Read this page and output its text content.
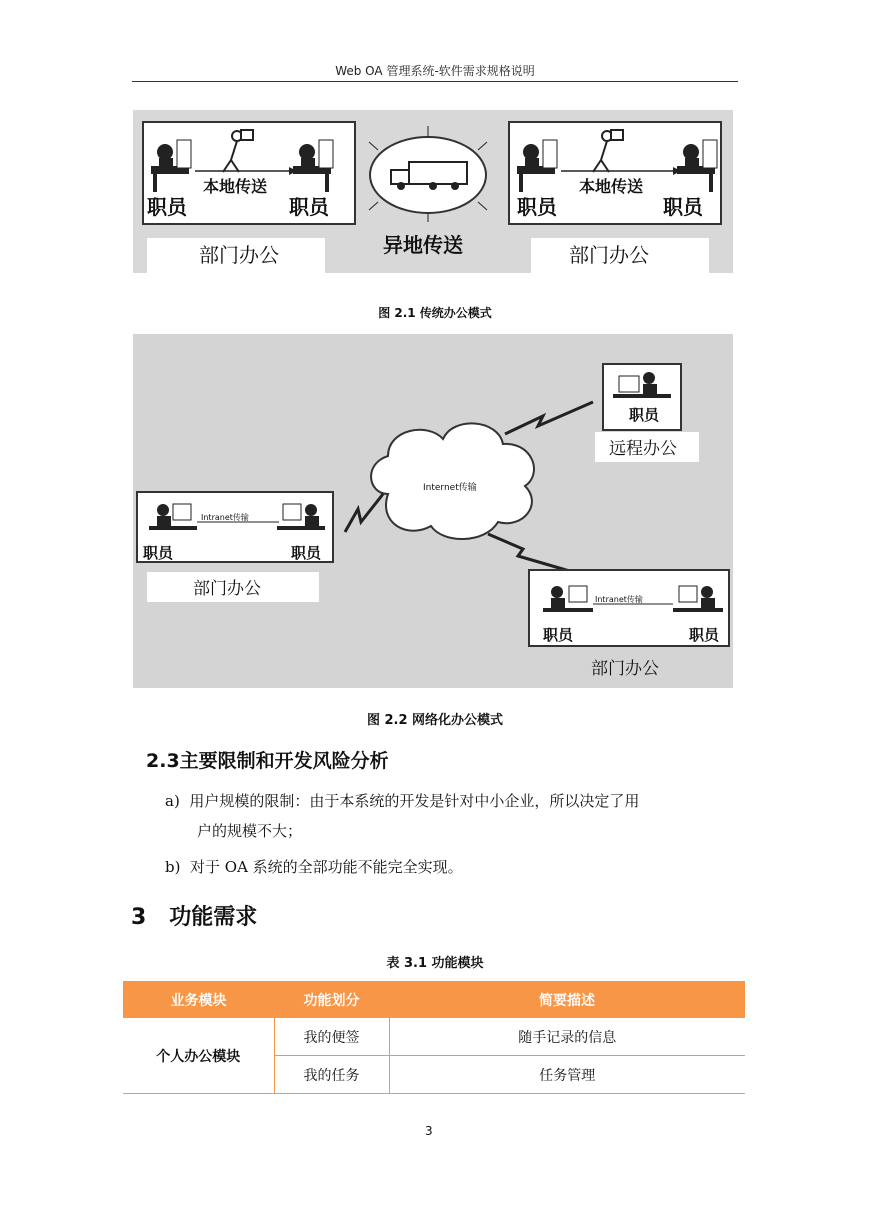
Web OA 管理系统-软件需求规格说明
本地传送
职员	职员
部门办公	异地传送
本地传送
职员	职员
部门办公
图 2.1 传统办公模式
Internet传输
职员
远程办公
Intranet传输
职员	职员
部门办公
Intranet传输
职员	职员
部门办公
图 2.2 网络化办公模式
2.3主要限制和开发风险分析
a) 用户规模的限制：由于本系统的开发是针对中小企业，所以决定了用
户的规模不大；
b) 对于 OA 系统的全部功能不能完全实现。
3   功能需求
表 3.1 功能模块
业务模块	功能划分	简要描述
个人办公模块	我的便签	随手记录的信息
	我的任务	任务管理
3
